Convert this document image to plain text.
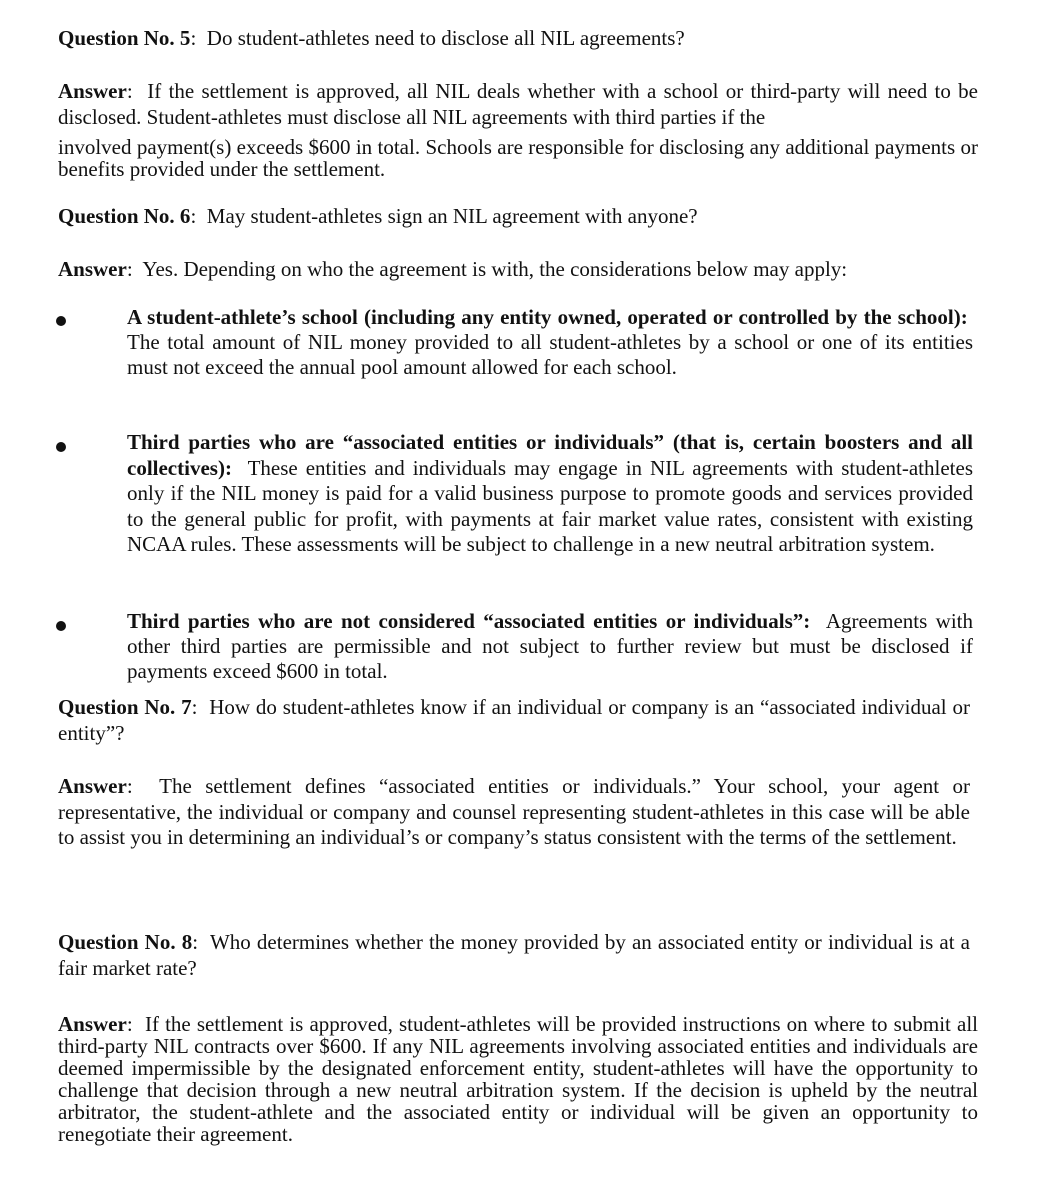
Question No. 5:  Do student-athletes need to disclose all NIL agreements?
Answer:  If the settlement is approved, all NIL deals whether with a school or third-party will need to be disclosed. Student-athletes must disclose all NIL agreements with third parties if the
involved payment(s) exceeds $600 in total. Schools are responsible for disclosing any additional payments or benefits provided under the settlement.
Question No. 6:  May student-athletes sign an NIL agreement with anyone?
Answer:  Yes. Depending on who the agreement is with, the considerations below may apply:
A student-athlete’s school (including any entity owned, operated or controlled by the school):  The total amount of NIL money provided to all student-athletes by a school or one of its entities must not exceed the annual pool amount allowed for each school.
Third parties who are “associated entities or individuals” (that is, certain boosters and all collectives): These entities and individuals may engage in NIL agreements with student-athletes only if the NIL money is paid for a valid business purpose to promote goods and services provided to the general public for profit, with payments at fair market value rates, consistent with existing NCAA rules. These assessments will be subject to challenge in a new neutral arbitration system.
Third parties who are not considered “associated entities or individuals”: Agreements with other third parties are permissible and not subject to further review but must be disclosed if payments exceed $600 in total.
Question No. 7:  How do student-athletes know if an individual or company is an “associated individual or entity”?
Answer:  The settlement defines “associated entities or individuals.” Your school, your agent or representative, the individual or company and counsel representing student-athletes in this case will be able to assist you in determining an individual’s or company’s status consistent with the terms of the settlement.
Question No. 8:  Who determines whether the money provided by an associated entity or individual is at a fair market rate?
Answer:  If the settlement is approved, student-athletes will be provided instructions on where to submit all third-party NIL contracts over $600. If any NIL agreements involving associated entities and individuals are deemed impermissible by the designated enforcement entity, student-athletes will have the opportunity to challenge that decision through a new neutral arbitration system. If the decision is upheld by the neutral arbitrator, the student-athlete and the associated entity or individual will be given an opportunity to renegotiate their agreement.
